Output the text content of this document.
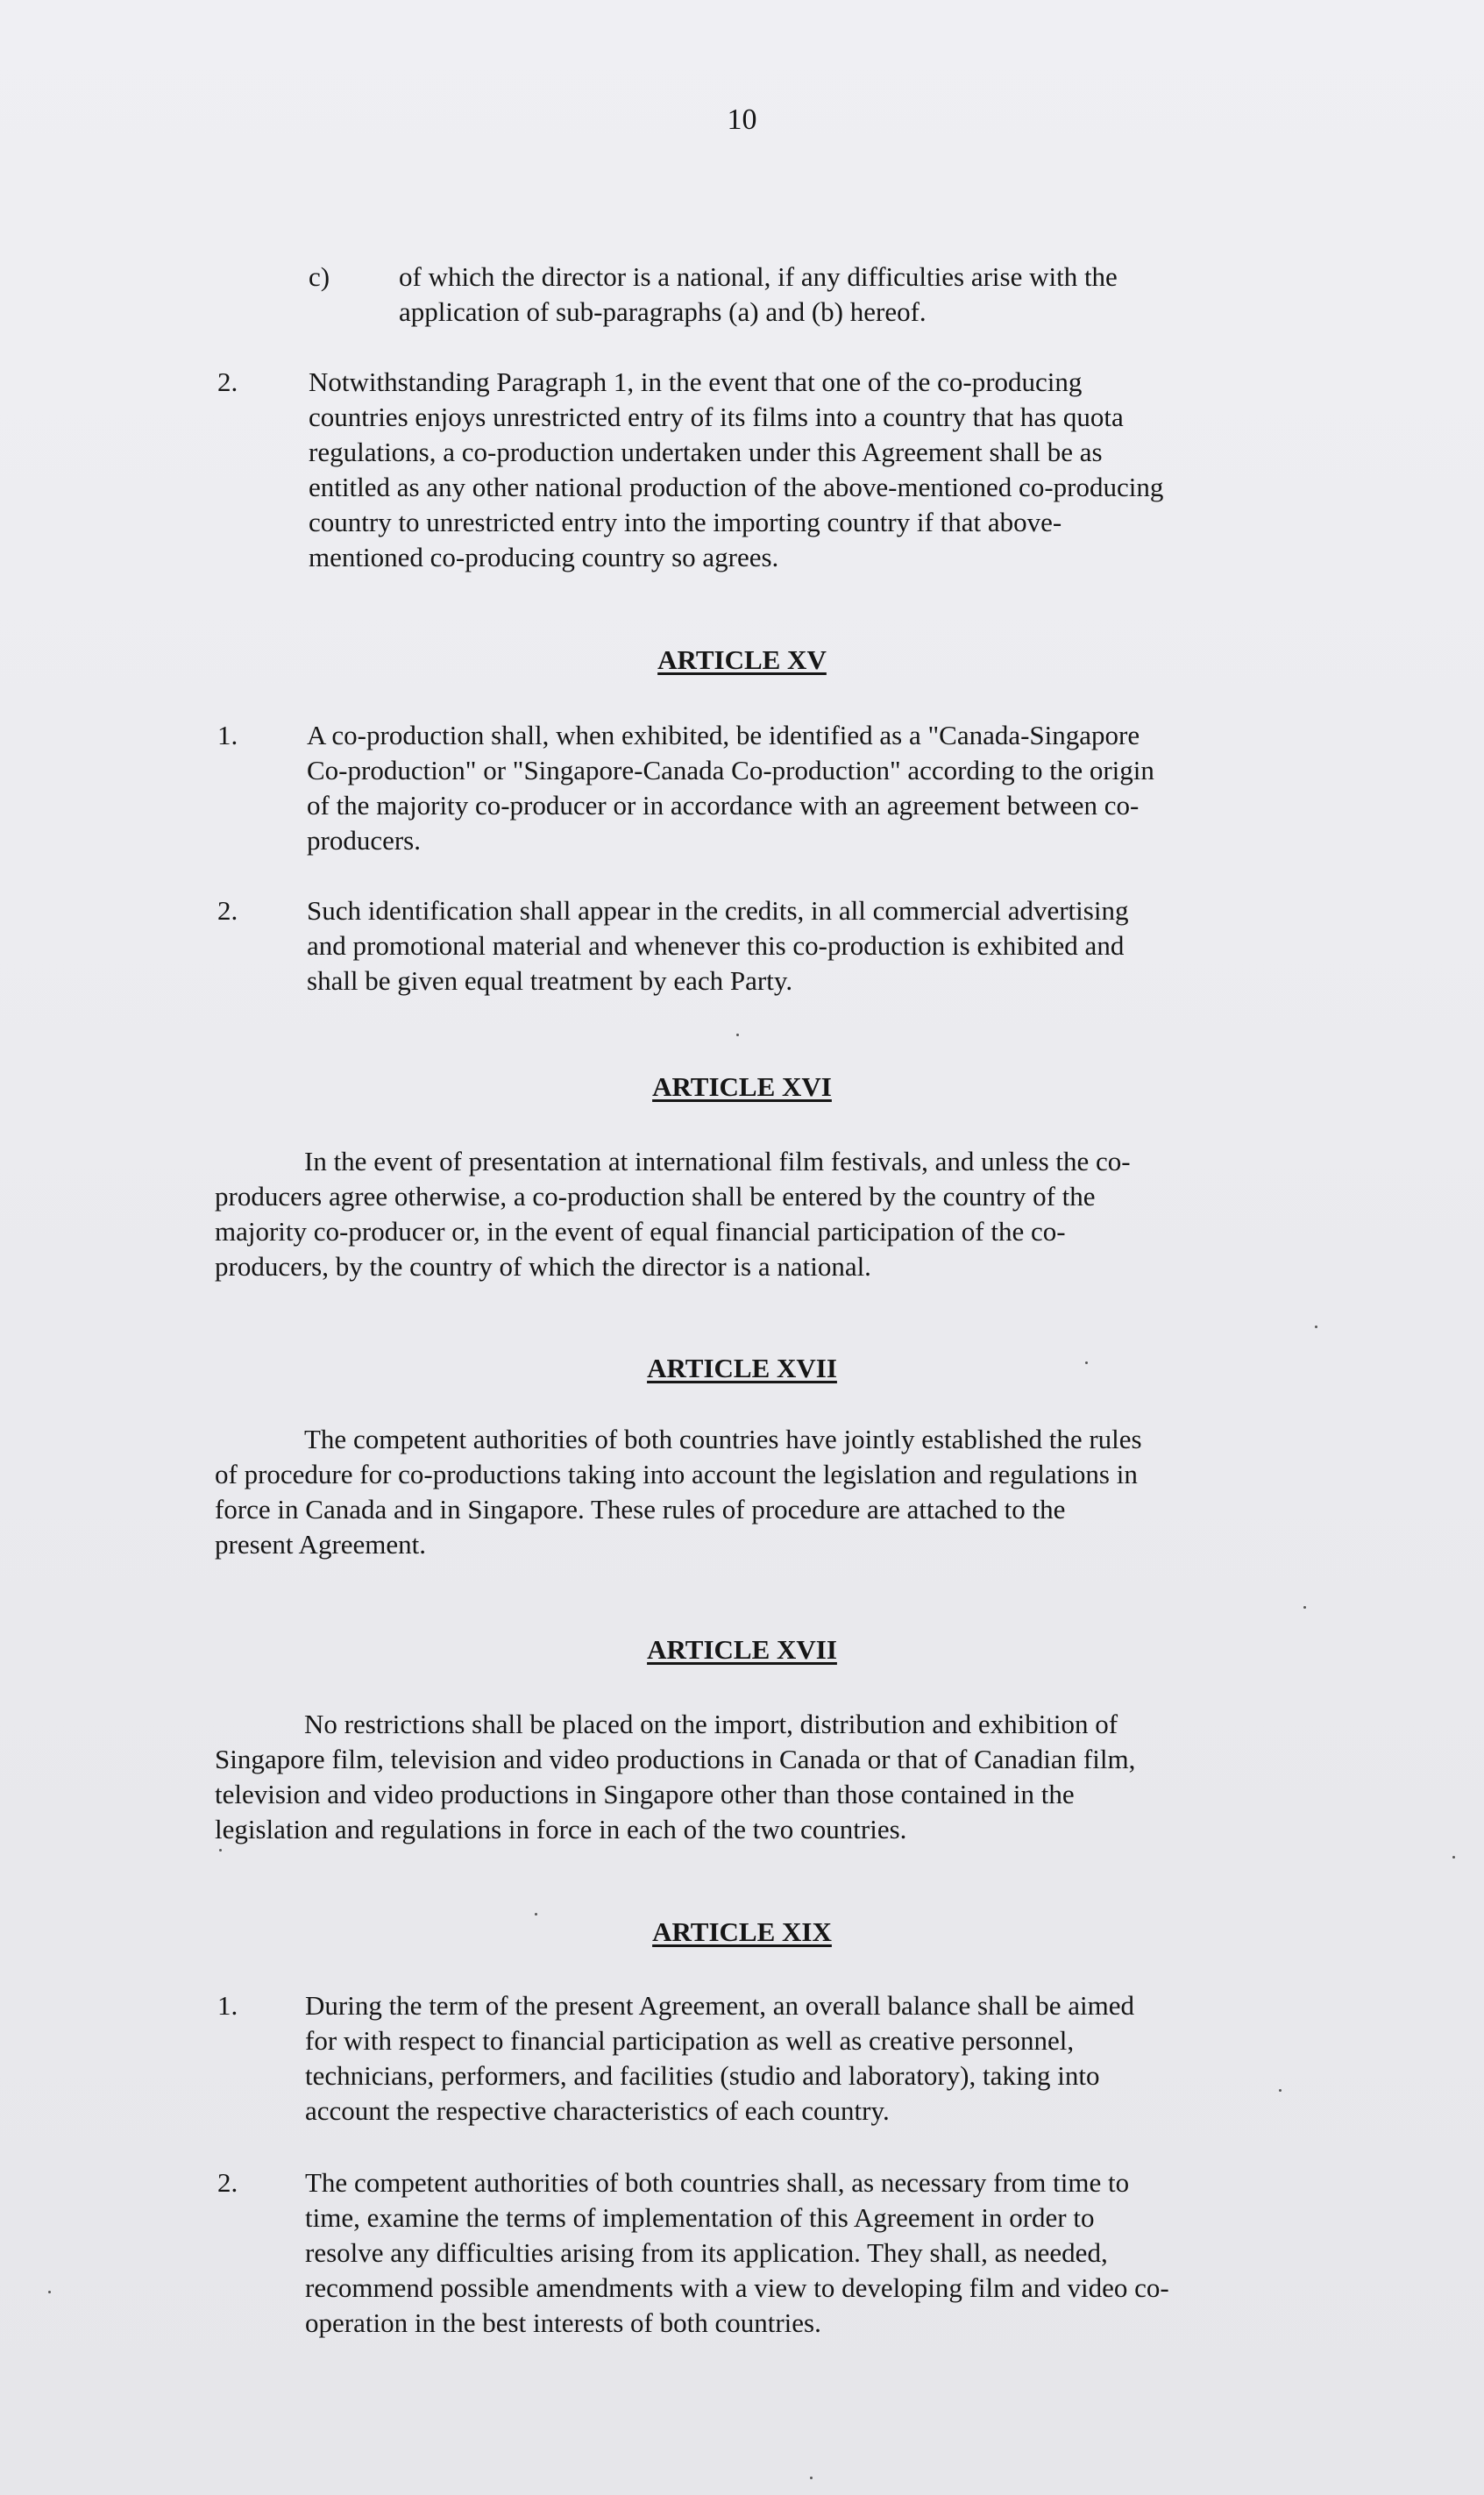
10
c)	of which the director is a national, if any difficulties arise with the
application of sub-paragraphs (a) and (b) hereof.
2.	Notwithstanding Paragraph 1, in the event that one of the co-producing
countries enjoys unrestricted entry of its films into a country that has quota
regulations, a co-production undertaken under this Agreement shall be as
entitled as any other national production of the above-mentioned co-producing
country to unrestricted entry into the importing country if that above-
mentioned co-producing country so agrees.
ARTICLE XV
1.	A co-production shall, when exhibited, be identified as a "Canada-Singapore
Co-production" or "Singapore-Canada Co-production" according to the origin
of the majority co-producer or in accordance with an agreement between co-
producers.
2.	Such identification shall appear in the credits, in all commercial advertising
and promotional material and whenever this co-production is exhibited and
shall be given equal treatment by each Party.
ARTICLE XVI
In the event of presentation at international film festivals, and unless the co-
producers agree otherwise, a co-production shall be entered by the country of the
majority co-producer or, in the event of equal financial participation of the co-
producers, by the country of which the director is a national.
ARTICLE XVII
The competent authorities of both countries have jointly established the rules
of procedure for co-productions taking into account the legislation and regulations in
force in Canada and in Singapore. These rules of procedure are attached to the
present Agreement.
ARTICLE XVII
No restrictions shall be placed on the import, distribution and exhibition of
Singapore film, television and video productions in Canada or that of Canadian film,
television and video productions in Singapore other than those contained in the
legislation and regulations in force in each of the two countries.
ARTICLE XIX
1. During the term of the present Agreement, an overall balance shall be aimed
for with respect to financial participation as well as creative personnel,
technicians, performers, and facilities (studio and laboratory), taking into
account the respective characteristics of each country.
2. The competent authorities of both countries shall, as necessary from time to
time, examine the terms of implementation of this Agreement in order to
resolve any difficulties arising from its application. They shall, as needed,
recommend possible amendments with a view to developing film and video co-
operation in the best interests of both countries.
